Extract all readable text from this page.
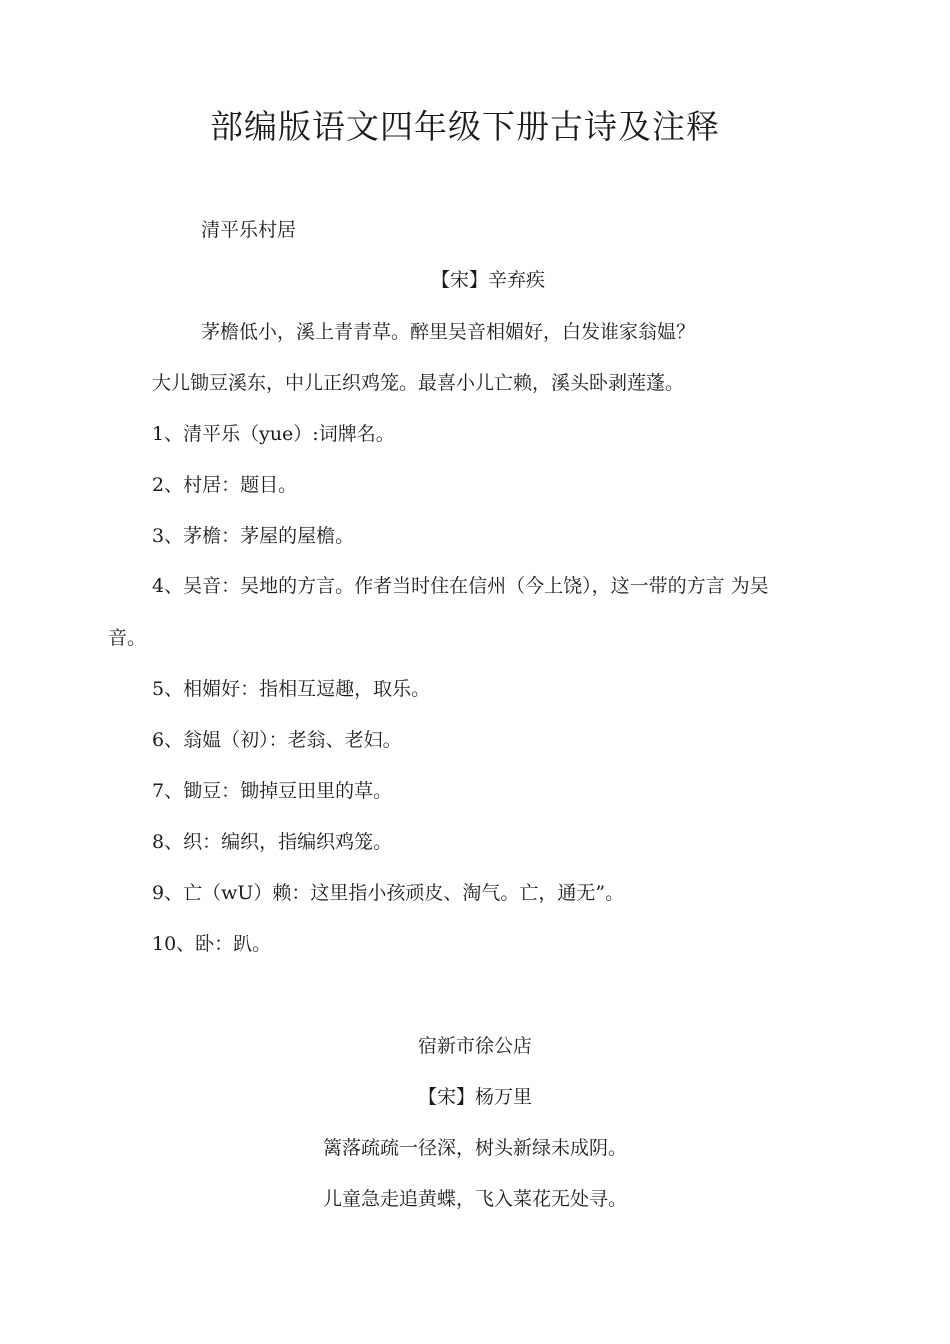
部编版语文四年级下册古诗及注释
清平乐村居
【宋】辛弃疾
茅檐低小，溪上青青草。醉里吴音相媚好，白发谁家翁媪？
大儿锄豆溪东，中儿正织鸡笼。最喜小儿亡赖，溪头卧剥莲蓬。
1、清平乐（yue）:词牌名。
2、村居：题目。
3、茅檐：茅屋的屋檐。
4、吴音：吴地的方言。作者当时住在信州（今上饶），这一带的方言 为吴
音。
5、相媚好：指相互逗趣，取乐。
6、翁媪（初）：老翁、老妇。
7、锄豆：锄掉豆田里的草。
8、织：编织，指编织鸡笼。
9、亡（wU）赖：这里指小孩顽皮、淘气。亡，通无”。
10、卧：趴。
宿新市徐公店
【宋】杨万里
篱落疏疏一径深，树头新绿未成阴。
儿童急走追黄蝶，飞入菜花无处寻。
